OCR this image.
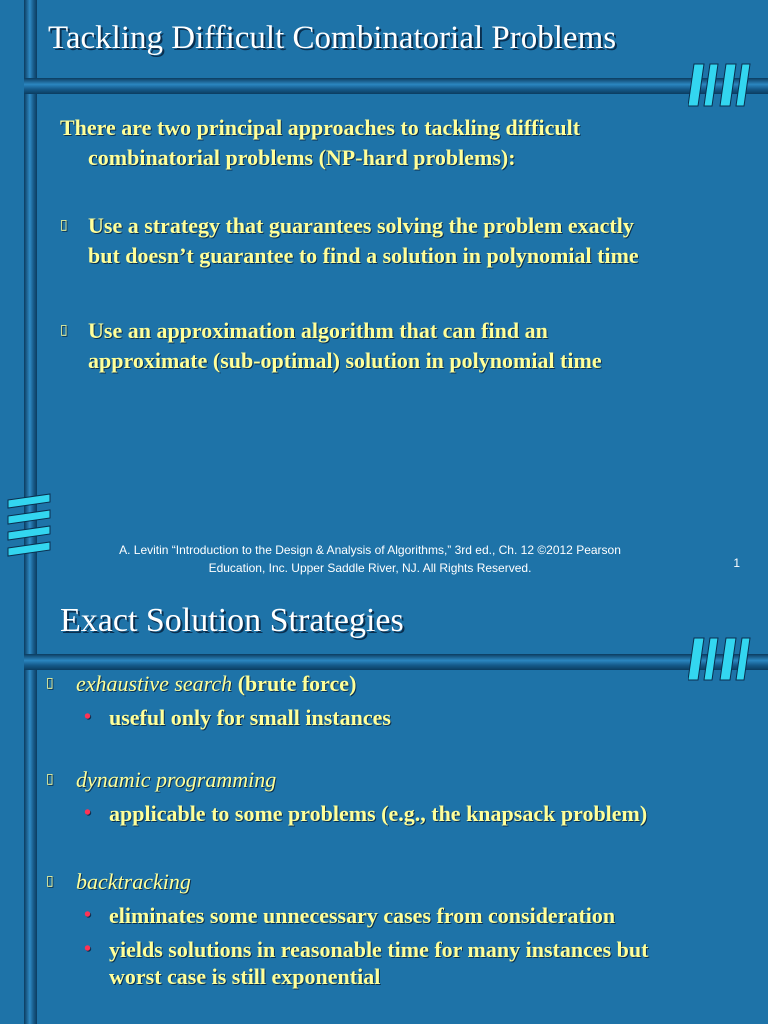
Tackling Difficult Combinatorial Problems
There are two principal approaches to tackling difficult
combinatorial problems (NP-hard problems):
▯ Use a strategy that guarantees solving the problem exactly
but doesn’t guarantee to find a solution in polynomial time
▯ Use an approximation algorithm that can find an
approximate (sub-optimal) solution in polynomial time
A. Levitin “Introduction to the Design & Analysis of Algorithms,” 3rd ed., Ch. 12 ©2012 Pearson
Education, Inc. Upper Saddle River, NJ. All Rights Reserved.	1
Exact Solution Strategies
▯ exhaustive search (brute force)
• useful only for small instances
▯ dynamic programming
• applicable to some problems (e.g., the knapsack problem)
▯ backtracking
• eliminates some unnecessary cases from consideration
• yields solutions in reasonable time for many instances but
worst case is still exponential
